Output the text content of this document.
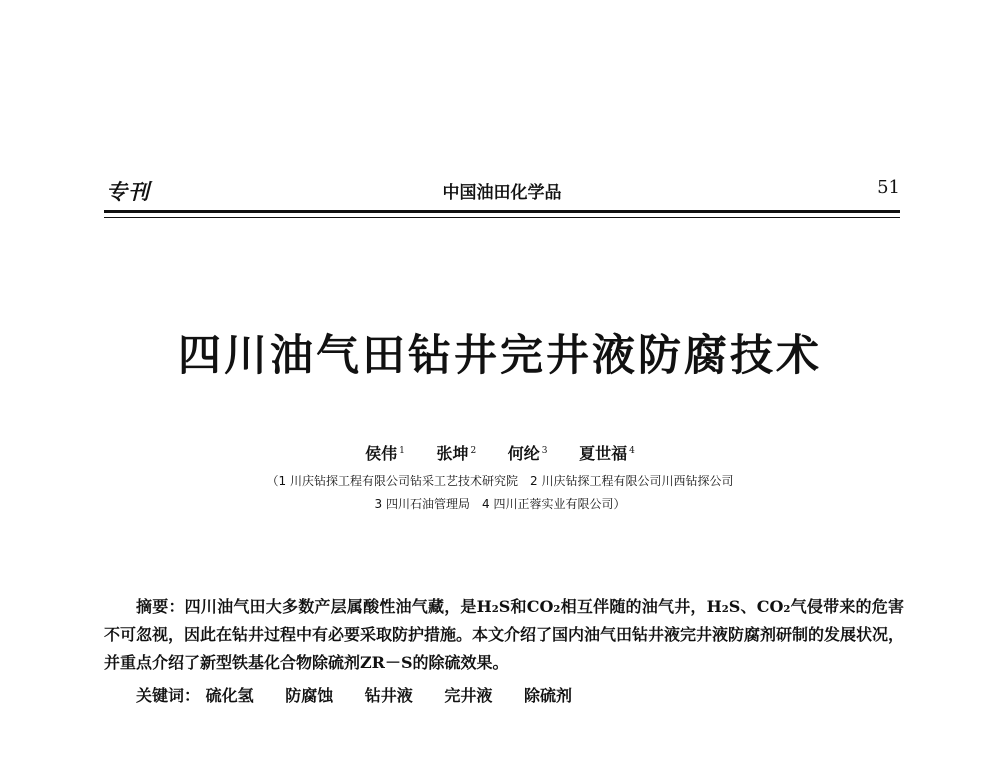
专刊	中国油田化学品	51
四川油气田钻井完井液防腐技术
侯伟 $^1$ 张坤 $^2$ 何纶 $^3$ 夏世福 $^4$
（1 川庆钻探工程有限公司钻采工艺技术研究院　2 川庆钻探工程有限公司川西钻探公司
3 四川石油管理局　4 四川正蓉实业有限公司）

摘要：四川油气田大多数产层属酸性油气藏，是H₂S和CO₂相互伴随的油气井，H₂S、CO₂气侵带来的危害不可忽视，因此在钻井过程中有必要采取防护措施。本文介绍了国内油气田钻井液完井液防腐剂研制的发展状况，并重点介绍了新型铁基化合物除硫剂ZR－S的除硫效果。

关键词： 硫化氢 防腐蚀 钻井液 完井液 除硫剂
